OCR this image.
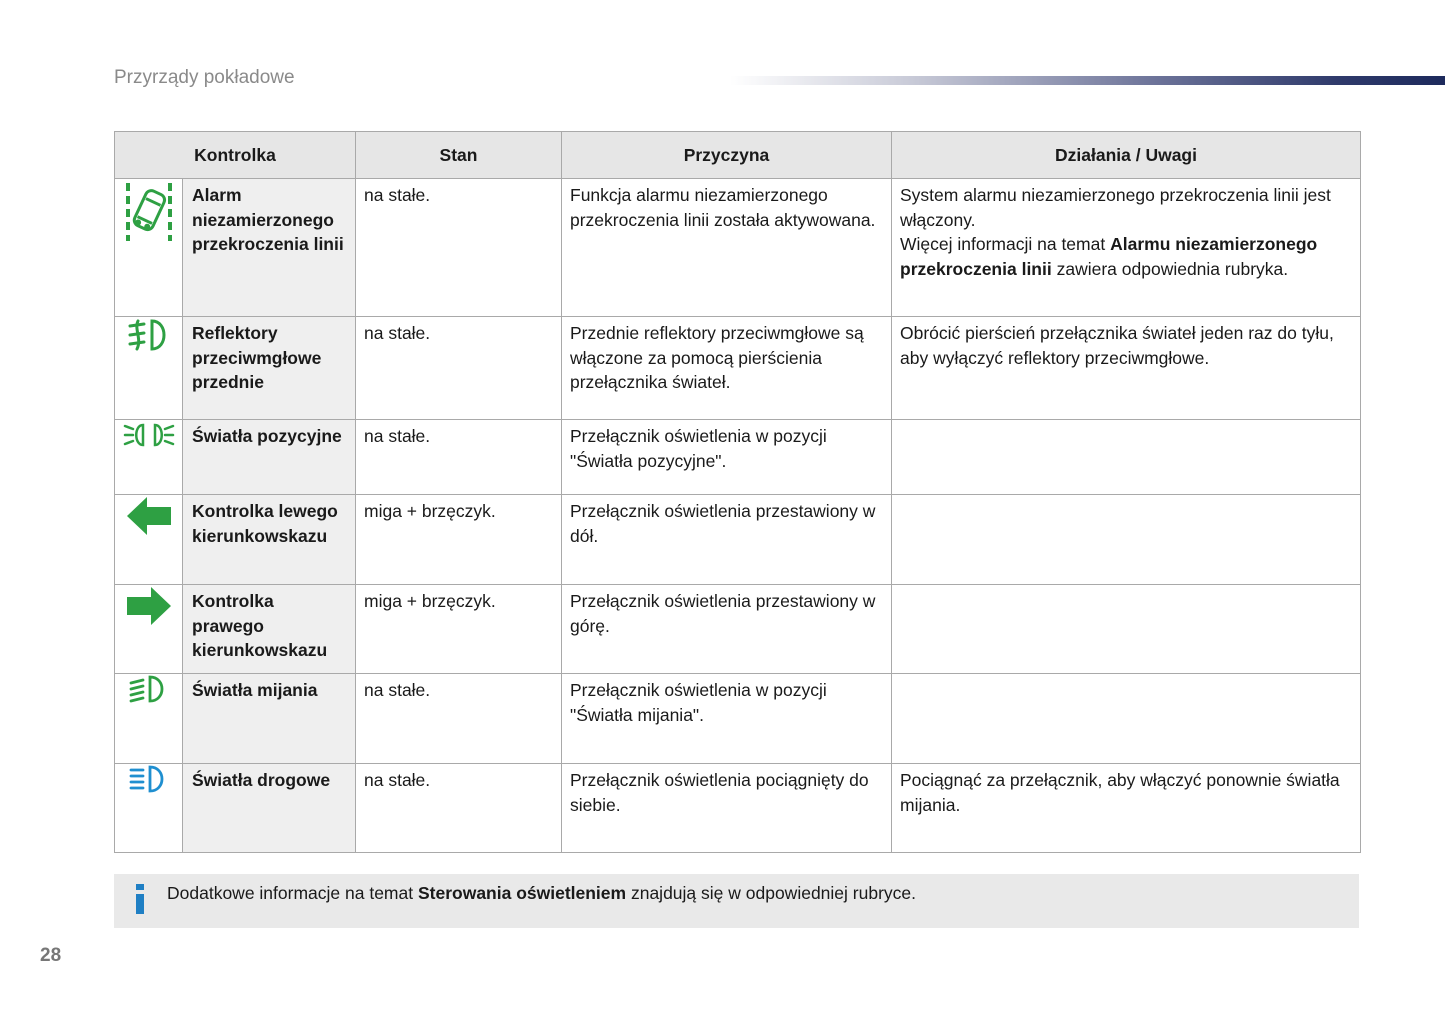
Przyrządy pokładowe
Kontrolka		Stan	Przyczyna	Działania / Uwagi
	Alarm niezamierzonego przekroczenia linii	na stałe.	Funkcja alarmu niezamierzonego przekroczenia linii została aktywowana.	System alarmu niezamierzonego przekroczenia linii jest włączony.
Więcej informacji na temat Alarmu niezamierzonego przekroczenia linii zawiera odpowiednia rubryka.
	Reflektory przeciwmgłowe przednie	na stałe.	Przednie reflektory przeciwmgłowe są włączone za pomocą pierścienia przełącznika świateł.	Obrócić pierścień przełącznika świateł jeden raz do tyłu, aby wyłączyć reflektory przeciwmgłowe.
	Światła pozycyjne	na stałe.	Przełącznik oświetlenia w pozycji "Światła pozycyjne".	
	Kontrolka lewego kierunkowskazu	miga + brzęczyk.	Przełącznik oświetlenia przestawiony w dół.	
	Kontrolka prawego kierunkowskazu	miga + brzęczyk.	Przełącznik oświetlenia przestawiony w górę.	
	Światła mijania	na stałe.	Przełącznik oświetlenia w pozycji "Światła mijania".	
	Światła drogowe	na stałe.	Przełącznik oświetlenia pociągnięty do siebie.	Pociągnąć za przełącznik, aby włączyć ponownie światła mijania.
Dodatkowe informacje na temat Sterowania oświetleniem znajdują się w odpowiedniej rubryce.
28
